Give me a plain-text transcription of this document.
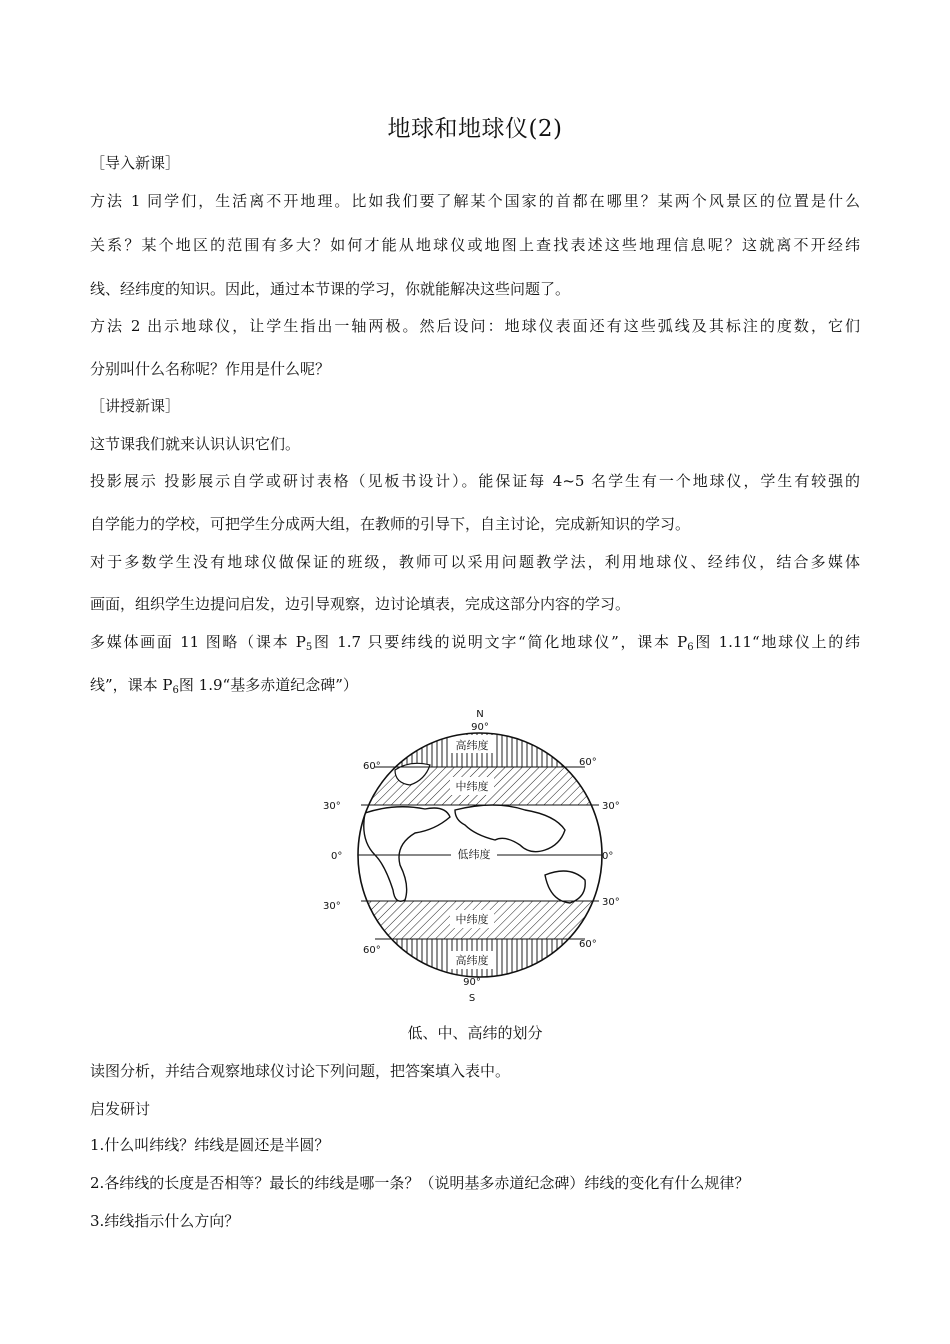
地球和地球仪(2)
［导入新课］
方法 1 同学们，生活离不开地理。比如我们要了解某个国家的首都在哪里？某两个风景区的位置是什么
关系？某个地区的范围有多大？如何才能从地球仪或地图上查找表述这些地理信息呢？这就离不开经纬
线、经纬度的知识。因此，通过本节课的学习，你就能解决这些问题了。
方法 2 出示地球仪，让学生指出一轴两极。然后设问：地球仪表面还有这些弧线及其标注的度数，它们
分别叫什么名称呢？作用是什么呢？
［讲授新课］
这节课我们就来认识认识它们。
投影展示 投影展示自学或研讨表格（见板书设计）。能保证每 4~5 名学生有一个地球仪，学生有较强的
自学能力的学校，可把学生分成两大组，在教师的引导下，自主讨论，完成新知识的学习。
对于多数学生没有地球仪做保证的班级，教师可以采用问题教学法，利用地球仪、经纬仪，结合多媒体
画面，组织学生边提问启发，边引导观察，边讨论填表，完成这部分内容的学习。
多媒体画面 11 图略（课本 $P_5$图 1.7 只要纬线的说明文字“简化地球仪”，课本 $P_6$图 1.11“地球仪上的纬
线”，课本 $P_6$图 1.9“基多赤道纪念碑”）
N
90°
高纬度
中纬度
低纬度
中纬度
高纬度
90°
S
60°	60°
30°
0°
30°
60°
60°
30°
0°
30°
低、中、高纬的划分
读图分析，并结合观察地球仪讨论下列问题，把答案填入表中。
启发研讨
1.什么叫纬线？纬线是圆还是半圆？
2.各纬线的长度是否相等？最长的纬线是哪一条？（说明基多赤道纪念碑）纬线的变化有什么规律？
3.纬线指示什么方向？
